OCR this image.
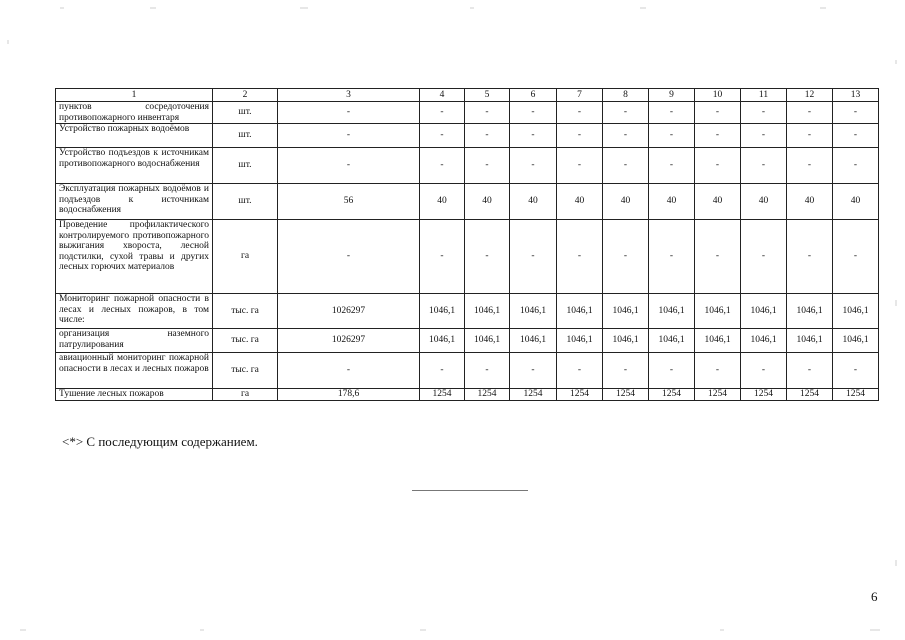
1	2	3	4	5	6	7	8	9	10	11	12	13
пунктов сосредоточения противопожарного инвентаря	шт.	-	-	-	-	-	-	-	-	-	-	-
Устройство пожарных водоёмов	шт.	-	-	-	-	-	-	-	-	-	-	-
Устройство подъездов к источникам противопожарного водоснабжения	шт.	-	-	-	-	-	-	-	-	-	-	-
Эксплуатация пожарных водоёмов и подъездов к источникам водоснабжения	шт.	56	40	40	40	40	40	40	40	40	40	40
Проведение профилактического контролируемого противопожарного выжигания хвороста, лесной подстилки, сухой травы и других лесных горючих материалов	га	-	-	-	-	-	-	-	-	-	-	-
Мониторинг пожарной опасности в лесах и лесных пожаров, в том числе:	тыс. га	1026297	1046,1	1046,1	1046,1	1046,1	1046,1	1046,1	1046,1	1046,1	1046,1	1046,1
организация наземного патрулирования	тыс. га	1026297	1046,1	1046,1	1046,1	1046,1	1046,1	1046,1	1046,1	1046,1	1046,1	1046,1
авиационный мониторинг пожарной опасности в лесах и лесных пожаров	тыс. га	-	-	-	-	-	-	-	-	-	-	-
Тушение лесных пожаров	га	178,6	1254	1254	1254	1254	1254	1254	1254	1254	1254	1254
<*> С последующим содержанием.
6
